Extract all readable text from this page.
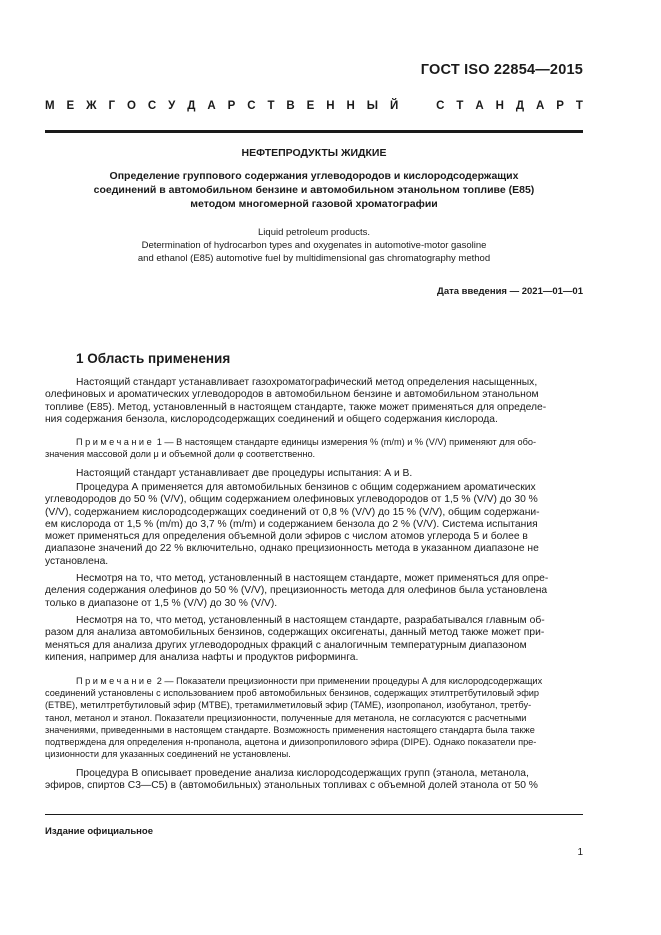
ГОСТ ISO 22854—2015
М Е Ж Г О С У Д А Р С Т В Е Н Н Ы Й	С Т А Н Д А Р Т
НЕФТЕПРОДУКТЫ ЖИДКИЕ
Определение группового содержания углеводородов и кислородсодержащих
соединений в автомобильном бензине и автомобильном этанольном топливе (E85)
методом многомерной газовой хроматографии
Liquid petroleum products.
Determination of hydrocarbon types and oxygenates in automotive-motor gasoline
and ethanol (E85) automotive fuel by multidimensional gas chromatography method
Дата введения — 2021—01—01
1 Область применения
Настоящий стандарт устанавливает газохроматографический метод определения насыщенных,
олефиновых и ароматических углеводородов в автомобильном бензине и автомобильном этанольном
топливе (E85). Метод, установленный в настоящем стандарте, также может применяться для определе-
ния содержания бензола, кислородсодержащих соединений и общего содержания кислорода.
Примечание 1 — В настоящем стандарте единицы измерения % (m/m) и % (V/V) применяют для обо-
значения массовой доли μ и объемной доли φ соответственно.
Настоящий стандарт устанавливает две процедуры испытания: А и В.
Процедура А применяется для автомобильных бензинов с общим содержанием ароматических
углеводородов до 50 % (V/V), общим содержанием олефиновых углеводородов от 1,5 % (V/V) до 30 %
(V/V), содержанием кислородсодержащих соединений от 0,8 % (V/V) до 15 % (V/V), общим содержани-
ем кислорода от 1,5 % (m/m) до 3,7 % (m/m) и содержанием бензола до 2 % (V/V). Система испытания
может применяться для определения объемной доли эфиров с числом атомов углерода 5 и более в
диапазоне значений до 22 % включительно, однако прецизионность метода в указанном диапазоне не
установлена.
Несмотря на то, что метод, установленный в настоящем стандарте, может применяться для опре-
деления содержания олефинов до 50 % (V/V), прецизионность метода для олефинов была установлена
только в диапазоне от 1,5 % (V/V) до 30 % (V/V).
Несмотря на то, что метод, установленный в настоящем стандарте, разрабатывался главным об-
разом для анализа автомобильных бензинов, содержащих оксигенаты, данный метод также может при-
меняться для анализа других углеводородных фракций с аналогичным температурным диапазоном
кипения, например для анализа нафты и продуктов риформинга.
Примечание 2 — Показатели прецизионности при применении процедуры А для кислородсодержащих
соединений установлены с использованием проб автомобильных бензинов, содержащих этилтретбутиловый эфир
(ETBE), метилтретбутиловый эфир (MTBE), третамилметиловый эфир (TAME), изопропанол, изобутанол, третбу-
танол, метанол и этанол. Показатели прецизионности, полученные для метанола, не согласуются с расчетными
значениями, приведенными в настоящем стандарте. Возможность применения настоящего стандарта была также
подтверждена для определения н-пропанола, ацетона и диизопропилового эфира (DIPE). Однако показатели пре-
цизионности для указанных соединений не установлены.
Процедура В описывает проведение анализа кислородсодержащих групп (этанола, метанола,
эфиров, спиртов С3—С5) в (автомобильных) этанольных топливах с объемной долей этанола от 50 %
Издание официальное
1
